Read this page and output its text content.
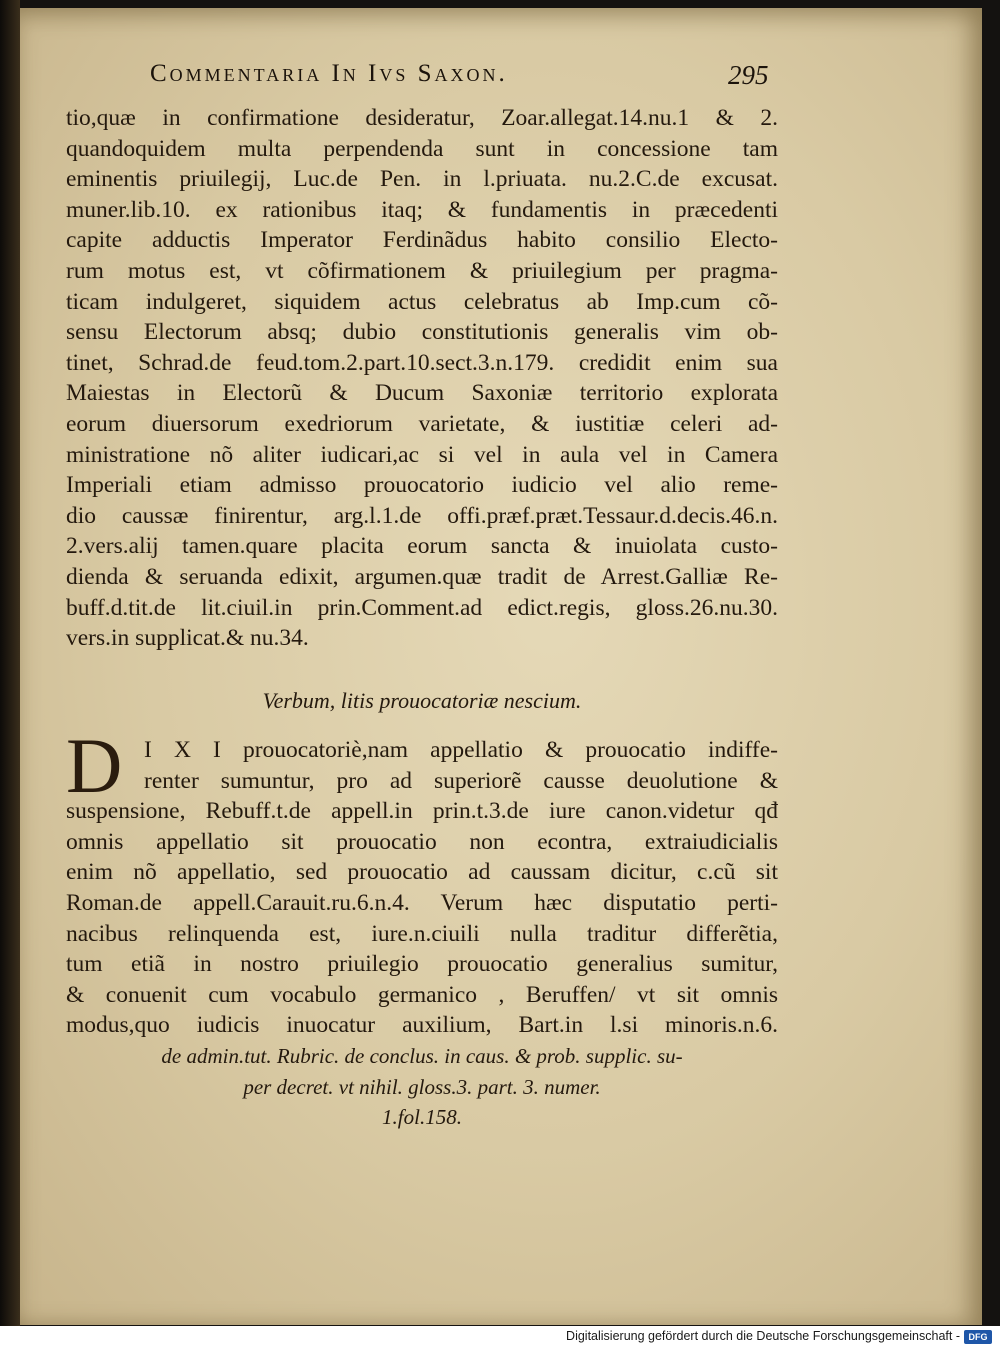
Commentaria In Ivs Saxon.	295
tio,quæ in confirmatione desideratur, Zoar.allegat.14.nu.1 & 2.
quandoquidem multa perpendenda sunt in concessione tam
eminentis priuilegij, Luc.de Pen. in l.priuata. nu.2.C.de excusat.
muner.lib.10. ex rationibus itaq; & fundamentis in præcedenti
capite adductis Imperator Ferdinãdus habito consilio Electo-
rum motus est, vt cõfirmationem & priuilegium per pragma-
ticam indulgeret, siquidem actus celebratus ab Imp.cum cõ-
sensu Electorum absq; dubio constitutionis generalis vim ob-
tinet, Schrad.de feud.tom.2.part.10.sect.3.n.179. credidit enim sua
Maiestas in Electorũ & Ducum Saxoniæ territorio explorata
eorum diuersorum exedriorum varietate, & iustitiæ celeri ad-
ministratione nõ aliter iudicari,ac si vel in aula vel in Camera
Imperiali etiam admisso prouocatorio iudicio vel alio reme-
dio caussæ finirentur, arg.l.1.de offi.præf.præt.Tessaur.d.decis.46.n.
2.vers.alij tamen.quare placita eorum sancta & inuiolata custo-
dienda & seruanda edixit, argumen.quæ tradit de Arrest.Galliæ Re-
buff.d.tit.de lit.ciuil.in prin.Comment.ad edict.regis, gloss.26.nu.30.
vers.in supplicat.& nu.34.
Verbum, litis prouocatoriæ nescium.
D I X I prouocatoriè,nam appellatio & prouocatio indiffe-
renter sumuntur, pro ad superiorẽ causse deuolutione &
suspensione, Rebuff.t.de appell.in prin.t.3.de iure canon.videtur qđ
omnis appellatio sit prouocatio non econtra, extraiudicialis
enim nõ appellatio, sed prouocatio ad caussam dicitur, c.cũ sit
Roman.de appell.Carauit.ru.6.n.4. Verum hæc disputatio perti-
nacibus relinquenda est, iure.n.ciuili nulla traditur differẽtia,
tum etiã in nostro priuilegio prouocatio generalius sumitur,
& conuenit cum vocabulo germanico , Beruffen/ vt sit omnis
modus,quo iudicis inuocatur auxilium, Bart.in l.si minoris.n.6.
de admin.tut. Rubric. de conclus. in caus. & prob. supplic. su-
per decret. vt nihil. gloss.3. part. 3. numer.
1.fol.158.
Digitalisierung gefördert durch die Deutsche Forschungsgemeinschaft - DFG
